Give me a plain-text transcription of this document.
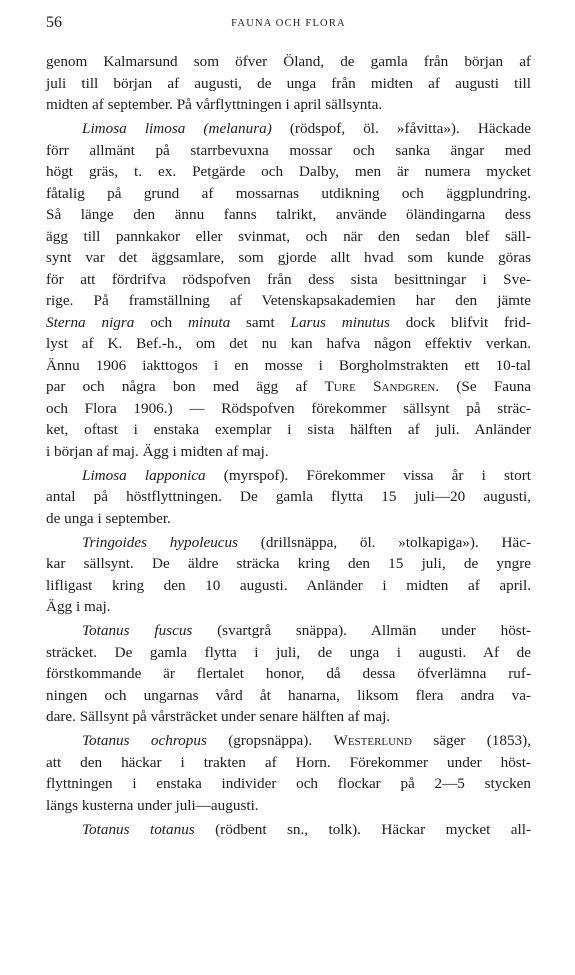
56	FAUNA OCH FLORA
genom Kalmarsund som öfver Öland, de gamla från början af
juli till början af augusti, de unga från midten af augusti till
midten af september. På vårflyttningen i april sällsynta.
Limosa limosa (melanura) (rödspof, öl. »fåvitta»). Häckade
förr allmänt på starrbevuxna mossar och sanka ängar med
högt gräs, t. ex. Petgärde och Dalby, men är numera mycket
fåtalig på grund af mossarnas utdikning och äggplundring.
Så länge den ännu fanns talrikt, använde öländingarna dess
ägg till pannkakor eller svinmat, och när den sedan blef säll-
synt var det äggsamlare, som gjorde allt hvad som kunde göras
för att fördrifva rödspofven från dess sista besittningar i Sve-
rige. På framställning af Vetenskapsakademien har den jämte
Sterna nigra och minuta samt Larus minutus dock blifvit frid-
lyst af K. Bef.-h., om det nu kan hafva någon effektiv verkan.
Ännu 1906 iakttogos i en mosse i Borgholmstrakten ett 10-tal
par och några bon med ägg af Ture Sandgren. (Se Fauna
och Flora 1906.) — Rödspofven förekommer sällsynt på sträc-
ket, oftast i enstaka exemplar i sista hälften af juli. Anländer
i början af maj. Ägg i midten af maj.
Limosa lapponica (myrspof). Förekommer vissa år i stort
antal på höstflyttningen. De gamla flytta 15 juli—20 augusti,
de unga i september.
Tringoides hypoleucus (drillsnäppa, öl. »tolkapiga»). Häc-
kar sällsynt. De äldre sträcka kring den 15 juli, de yngre
lifligast kring den 10 augusti. Anländer i midten af april.
Ägg i maj.
Totanus fuscus (svartgrå snäppa). Allmän under höst-
sträcket. De gamla flytta i juli, de unga i augusti. Af de
förstkommande är flertalet honor, då dessa öfverlämna ruf-
ningen och ungarnas vård åt hanarna, liksom flera andra va-
dare. Sällsynt på vårsträcket under senare hälften af maj.
Totanus ochropus (gropsnäppa). Westerlund säger (1853),
att den häckar i trakten af Horn. Förekommer under höst-
flyttningen i enstaka individer och flockar på 2—5 stycken
längs kusterna under juli—augusti.
Totanus totanus (rödbent sn., tolk). Häckar mycket all-
